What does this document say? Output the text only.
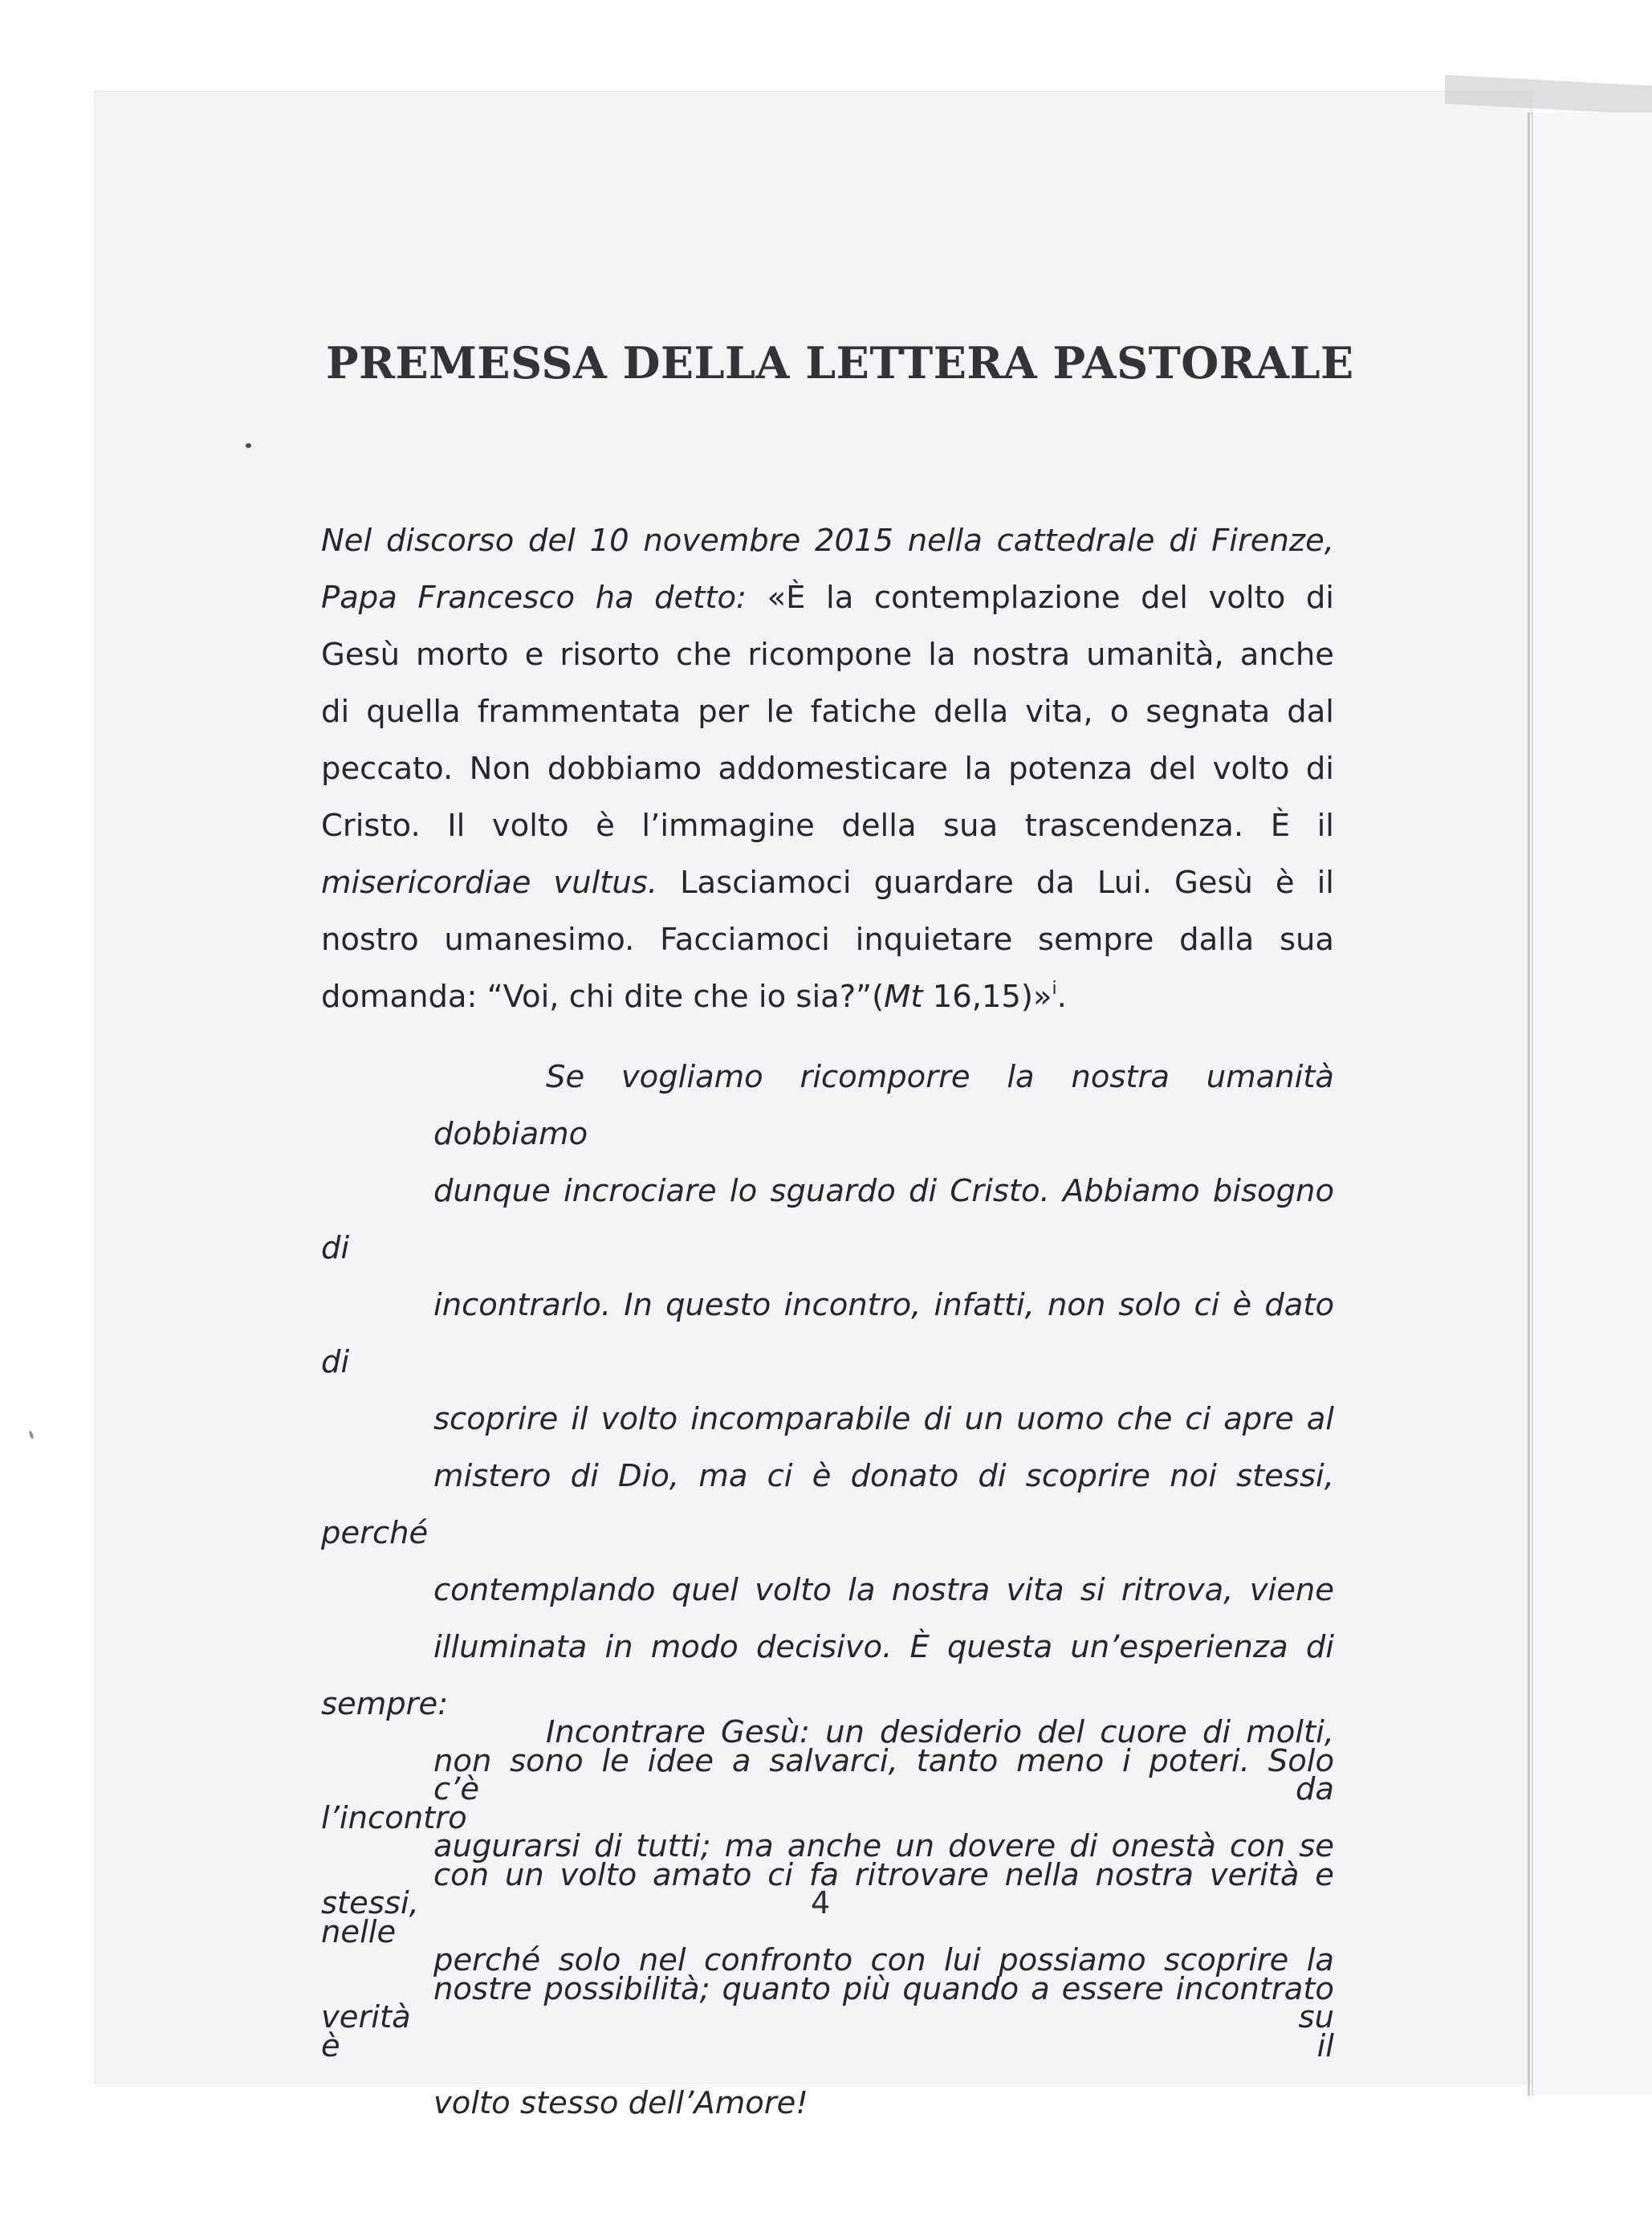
PREMESSA DELLA LETTERA PASTORALE

Nel discorso del 10 novembre 2015 nella cattedrale di Firenze,
Papa Francesco ha detto: «È la contemplazione del volto di
Gesù morto e risorto che ricompone la nostra umanità, anche
di quella frammentata per le fatiche della vita, o segnata dal
peccato. Non dobbiamo addomesticare la potenza del volto di
Cristo. Il volto è l’immagine della sua trascendenza. È il
misericordiae vultus. Lasciamoci guardare da Lui. Gesù è il
nostro umanesimo. Facciamoci inquietare sempre dalla sua
domanda: “Voi, chi dite che io sia?”(Mt 16,15)»$^i$.

Se vogliamo ricomporre la nostra umanità dobbiamo
dunque incrociare lo sguardo di Cristo. Abbiamo bisogno di
incontrarlo. In questo incontro, infatti, non solo ci è dato di
scoprire il volto incomparabile di un uomo che ci apre al
mistero di Dio, ma ci è donato di scoprire noi stessi, perché
contemplando quel volto la nostra vita si ritrova, viene
illuminata in modo decisivo. È questa un’esperienza di sempre:
non sono le idee a salvarci, tanto meno i poteri. Solo l’incontro
con un volto amato ci fa ritrovare nella nostra verità e nelle
nostre possibilità; quanto più quando a essere incontrato è il
volto stesso dell’Amore!

Incontrare Gesù: un desiderio del cuore di molti, c’è da
augurarsi di tutti; ma anche un dovere di onestà con se stessi,
perché solo nel confronto con lui possiamo scoprire la verità su

4
